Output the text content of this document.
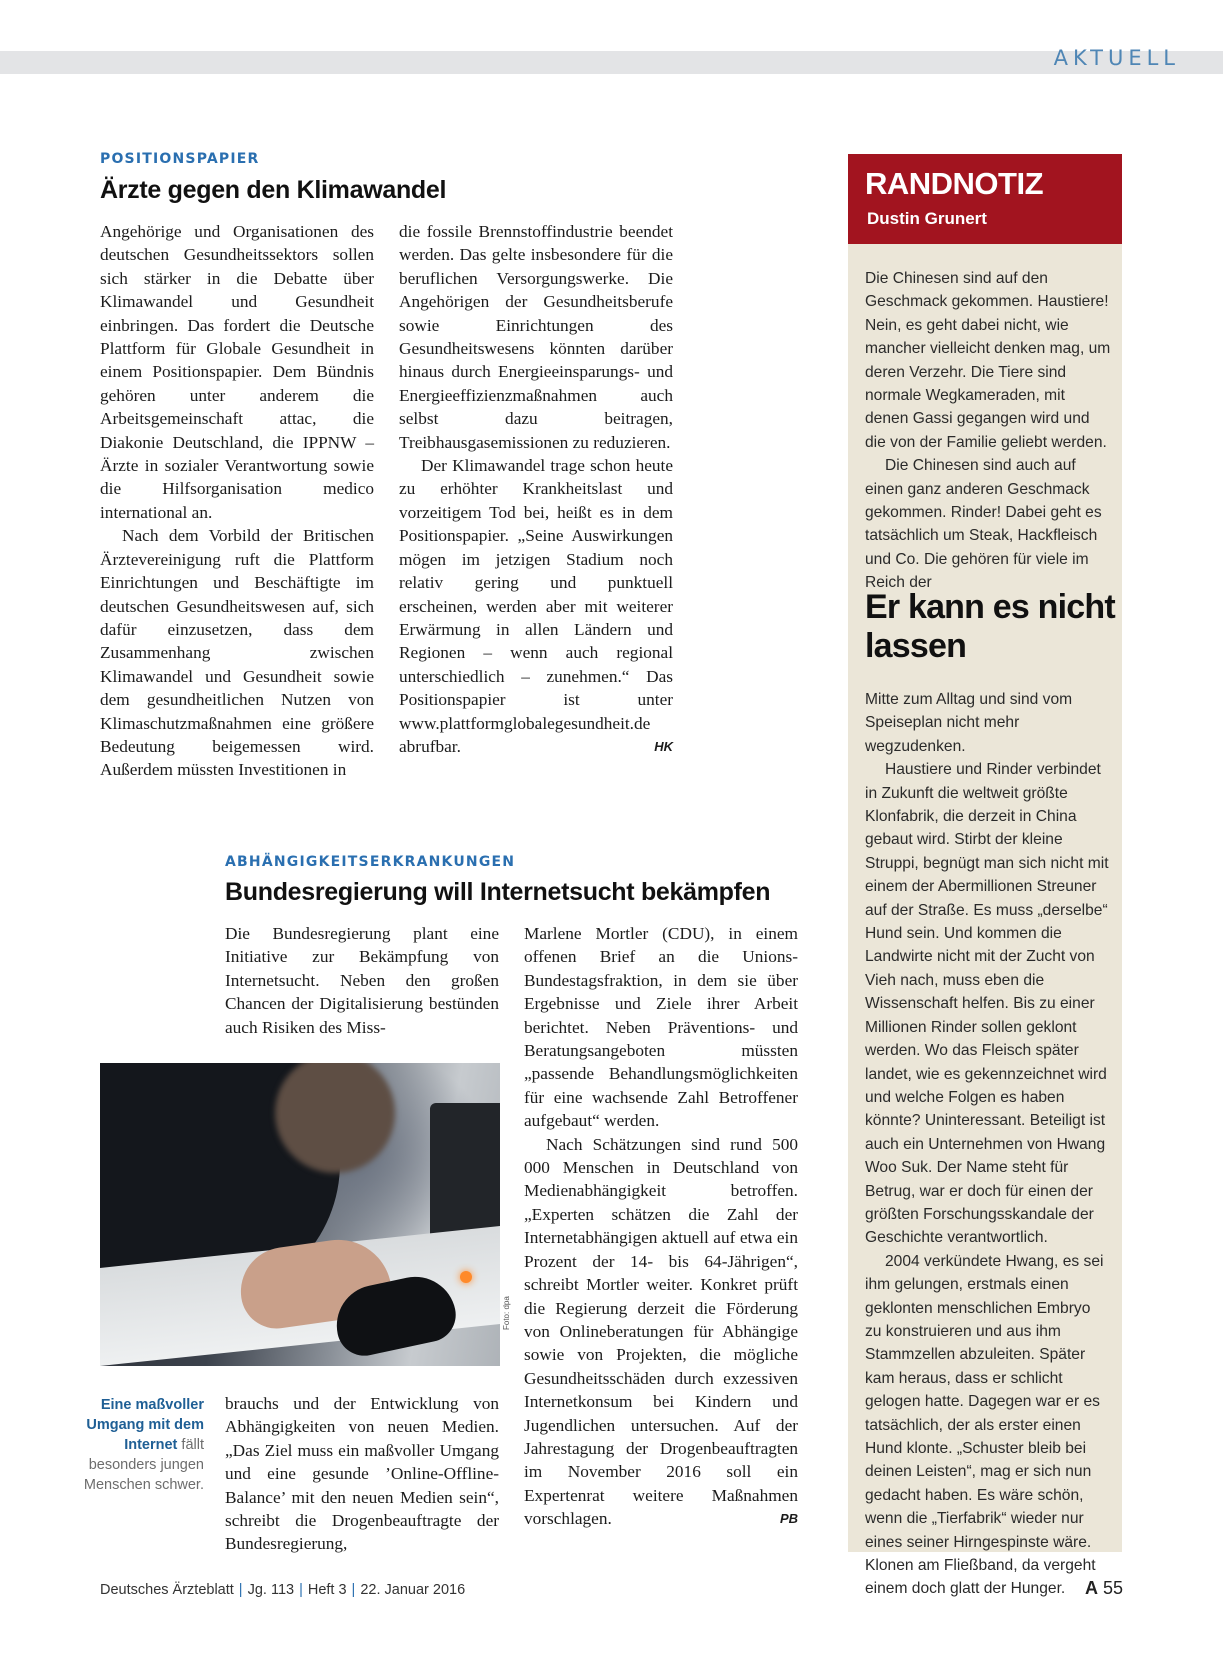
AKTUELL
POSITIONSPAPIER
Ärzte gegen den Klimawandel

Angehörige und Organisationen des deutschen Gesundheitssektors sollen sich stärker in die Debatte über Klimawandel und Gesundheit einbringen. Das fordert die Deutsche Plattform für Globale Gesundheit in einem Positionspapier. Dem Bündnis gehören unter anderem die Arbeitsgemeinschaft attac, die Diakonie Deutschland, die IPPNW – Ärzte in sozialer Verantwortung sowie die Hilfsorganisation medico international an.

Nach dem Vorbild der Britischen Ärztevereinigung ruft die Plattform Einrichtungen und Beschäftigte im deutschen Gesundheitswesen auf, sich dafür einzusetzen, dass dem Zusammenhang zwischen Klimawandel und Gesundheit sowie dem gesundheitlichen Nutzen von Klimaschutzmaßnahmen eine größere Bedeutung beigemessen wird. Außerdem müssten Investitionen in

die fossile Brennstoffindustrie beendet werden. Das gelte insbesondere für die beruflichen Versorgungswerke. Die Angehörigen der Gesundheitsberufe sowie Einrichtungen des Gesundheitswesens könnten darüber hinaus durch Energieeinsparungs- und Energieeffizienzmaßnahmen auch selbst dazu beitragen, Treibhausgasemissionen zu reduzieren.

Der Klimawandel trage schon heute zu erhöhter Krankheitslast und vorzeitigem Tod bei, heißt es in dem Positionspapier. „Seine Auswirkungen mögen im jetzigen Stadium noch relativ gering und punktuell erscheinen, werden aber mit weiterer Erwärmung in allen Ländern und Regionen – wenn auch regional unterschiedlich – zunehmen.“ Das Positionspapier ist unter www.plattformglobalegesundheit.de abrufbar.	HK

ABHÄNGIGKEITSERKRANKUNGEN
Bundesregierung will Internetsucht bekämpfen

Die Bundesregierung plant eine Initiative zur Bekämpfung von Internetsucht. Neben den großen Chancen der Digitalisierung bestünden auch Risiken des Miss-

Foto: dpa
Eine maßvoller Umgang mit dem Internet fällt besonders jungen Menschen schwer.

brauchs und der Entwicklung von Abhängigkeiten von neuen Medien. „Das Ziel muss ein maßvoller Umgang und eine gesunde ’Online-Offline-Balance’ mit den neuen Medien sein“, schreibt die Drogenbeauftragte der Bundesregierung,

Marlene Mortler (CDU), in einem offenen Brief an die Unions-Bundestagsfraktion, in dem sie über Ergebnisse und Ziele ihrer Arbeit berichtet. Neben Präventions- und Beratungsangeboten müssten „passende Behandlungsmöglichkeiten für eine wachsende Zahl Betroffener aufgebaut“ werden.

Nach Schätzungen sind rund 500 000 Menschen in Deutschland von Medienabhängigkeit betroffen. „Experten schätzen die Zahl der Internetabhängigen aktuell auf etwa ein Prozent der 14- bis 64-Jährigen“, schreibt Mortler weiter. Konkret prüft die Regierung derzeit die Förderung von Onlineberatungen für Abhängige sowie von Projekten, die mögliche Gesundheitsschäden durch exzessiven Internetkonsum bei Kindern und Jugendlichen untersuchen. Auf der Jahrestagung der Drogenbeauftragten im November 2016 soll ein Expertenrat weitere Maßnahmen vorschlagen.	PB

RANDNOTIZ
Dustin Grunert

Die Chinesen sind auf den Geschmack gekommen. Haustiere! Nein, es geht dabei nicht, wie mancher vielleicht denken mag, um deren Verzehr. Die Tiere sind normale Wegkameraden, mit denen Gassi gegangen wird und die von der Familie geliebt werden.

Die Chinesen sind auch auf einen ganz anderen Geschmack gekommen. Rinder! Dabei geht es tatsächlich um Steak, Hackfleisch und Co. Die gehören für viele im Reich der

Er kann es nicht lassen

Mitte zum Alltag und sind vom Speiseplan nicht mehr wegzudenken.

Haustiere und Rinder verbindet in Zukunft die weltweit größte Klonfabrik, die derzeit in China gebaut wird. Stirbt der kleine Struppi, begnügt man sich nicht mit einem der Abermillionen Streuner auf der Straße. Es muss „derselbe“ Hund sein. Und kommen die Landwirte nicht mit der Zucht von Vieh nach, muss eben die Wissenschaft helfen. Bis zu einer Millionen Rinder sollen geklont werden. Wo das Fleisch später landet, wie es gekennzeichnet wird und welche Folgen es haben könnte? Uninteressant. Beteiligt ist auch ein Unternehmen von Hwang Woo Suk. Der Name steht für Betrug, war er doch für einen der größten Forschungsskandale der Geschichte verantwortlich.

2004 verkündete Hwang, es sei ihm gelungen, erstmals einen geklonten menschlichen Embryo zu konstruieren und aus ihm Stammzellen abzuleiten. Später kam heraus, dass er schlicht gelogen hatte. Dagegen war er es tatsächlich, der als erster einen Hund klonte. „Schuster bleib bei deinen Leisten“, mag er sich nun gedacht haben. Es wäre schön, wenn die „Tierfabrik“ wieder nur eines seiner Hirngespinste wäre. Klonen am Fließband, da vergeht einem doch glatt der Hunger.

Deutsches Ärzteblatt | Jg. 113 | Heft 3 | 22. Januar 2016	A 55
